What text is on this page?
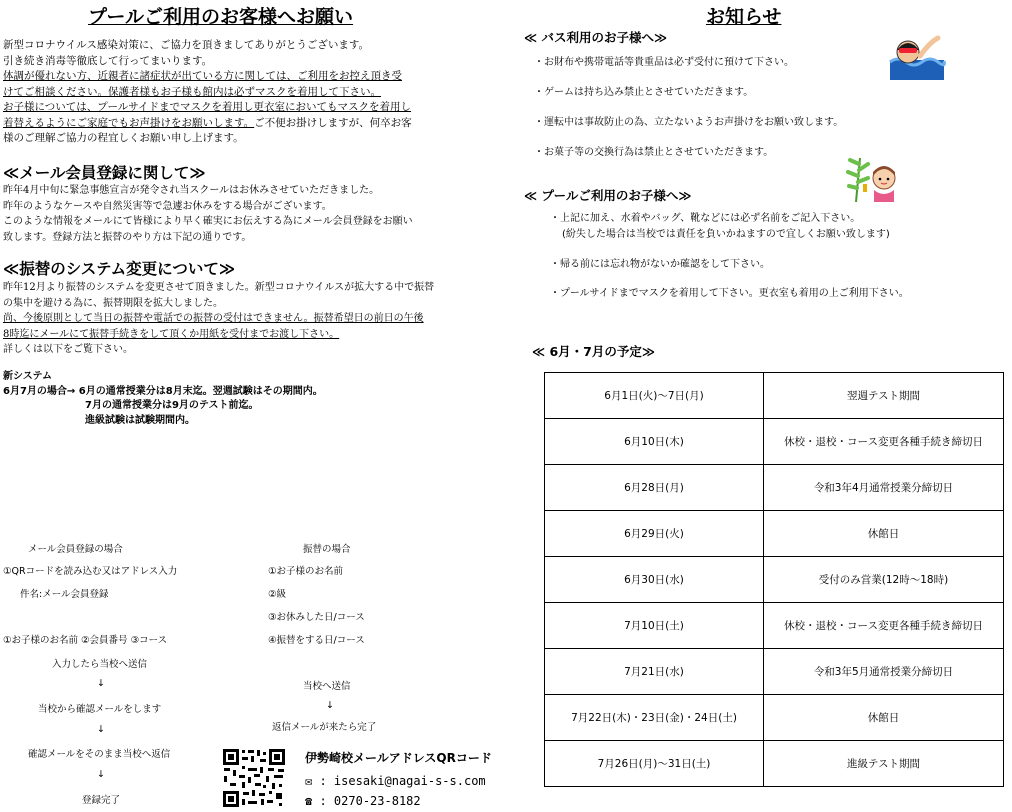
プールご利用のお客様へお願い
新型コロナウイルス感染対策に、ご協力を頂きましてありがとうございます。
引き続き消毒等徹底して行ってまいります。
体調が優れない方、近親者に諸症状が出ている方に関しては、ご利用をお控え頂き受
けてご相談ください。保護者様もお子様も館内は必ずマスクを着用して下さい。
お子様については、プールサイドまでマスクを着用し更衣室においてもマスクを着用し
着替えるようにご家庭でもお声掛けをお願いします。ご不便お掛けしますが、何卒お客
様のご理解ご協力の程宜しくお願い申し上げます。
≪メール会員登録に関して≫
昨年4月中旬に緊急事態宣言が発令され当スクールはお休みさせていただきました。
昨年のようなケースや自然災害等で急遽お休みをする場合がございます。
このような情報をメールにて皆様により早く確実にお伝えする為にメール会員登録をお願い
致します。登録方法と振替のやり方は下記の通りです。
≪振替のシステム変更について≫
昨年12月より振替のシステムを変更させて頂きました。新型コロナウイルスが拡大する中で振替
の集中を避ける為に、振替期限を拡大しました。
尚、今後原則として当日の振替や電話での振替の受付はできません。振替希望日の前日の午後
8時迄にメールにて振替手続きをして頂くか用紙を受付までお渡し下さい。
詳しくは以下をご覧下さい。
新システム
6月7月の場合→ 6月の通常授業分は8月末迄。翌週試験はその期間内。
7月の通常授業分は9月のテスト前迄。
進級試験は試験期間内。
メール会員登録の場合
①QRコードを読み込む又はアドレス入力
件名:メール会員登録
①お子様のお名前 ②会員番号 ③コース
入力したら当校へ送信
↓
当校から確認メールをします
↓
確認メールをそのまま当校へ返信
↓
登録完了
振替の場合
①お子様のお名前
②級
③お休みした日/コース
④振替をする日/コース
当校へ送信
↓
返信メールが来たら完了
伊勢崎校メールアドレスQRコード
✉ : isesaki@nagai-s-s.com
☎ : 0270-23-8182
お知らせ
≪ バス利用のお子様へ≫
・お財布や携帯電話等貴重品は必ず受付に預けて下さい。
・ゲームは持ち込み禁止とさせていただきます。
・運転中は事故防止の為、立たないようお声掛けをお願い致します。
・お菓子等の交換行為は禁止とさせていただきます。
≪ プールご利用のお子様へ≫
・上記に加え、水着やバッグ、靴などには必ず名前をご記入下さい。
(紛失した場合は当校では責任を負いかねますので宜しくお願い致します)
・帰る前には忘れ物がないか確認をして下さい。
・プールサイドまでマスクを着用して下さい。更衣室も着用の上ご利用下さい。
≪ 6月・7月の予定≫
6月1日(火)～7日(月)	翌週テスト期間
6月10日(木)	休校・退校・コース変更各種手続き締切日
6月28日(月)	令和3年4月通常授業分締切日
6月29日(火)	休館日
6月30日(水)	受付のみ営業(12時～18時)
7月10日(土)	休校・退校・コース変更各種手続き締切日
7月21日(水)	令和3年5月通常授業分締切日
7月22日(木)・23日(金)・24日(土)	休館日
7月26日(月)～31日(土)	進級テスト期間
